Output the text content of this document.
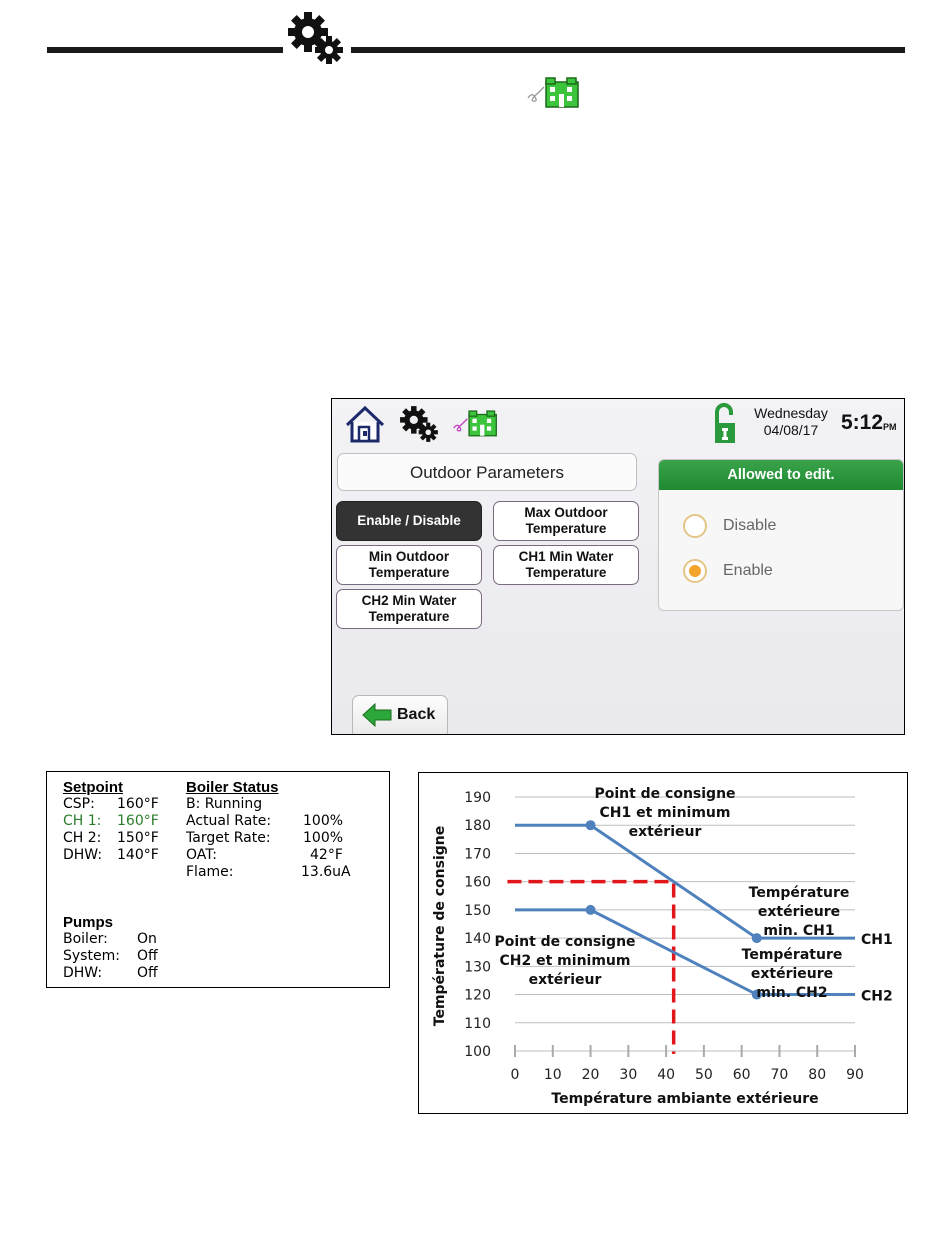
Wednesday
04/08/17	$5:12_{PM}$
Outdoor Parameters
Enable / Disable
Max Outdoor
Temperature
Min Outdoor
Temperature
CH1 Min Water
Temperature
CH2 Min Water
Temperature
Allowed to edit.
Disable
Enable
Back
Setpoint
CSP: 160°F
CH 1: 160°F
CH 2: 150°F
DHW: 140°F
Boiler Status
B: Running
Actual Rate: 100%
Target Rate: 100%
OAT:	42°F
Flame:	13.6uA
Pumps
Boiler: On
System: Off
DHW: Off
100
110
120
130
140
150
160
170
180
190
0 10 20 30 40 50 60 70 80 90
Température ambiante extérieure
Température de consigne	CH1
CH2
Point de consigne
CH1 et minimum
extérieur
Température
extérieure
min. CH1
Point de consigne
CH2 et minimum
extérieur
Température
extérieure
min. CH2
